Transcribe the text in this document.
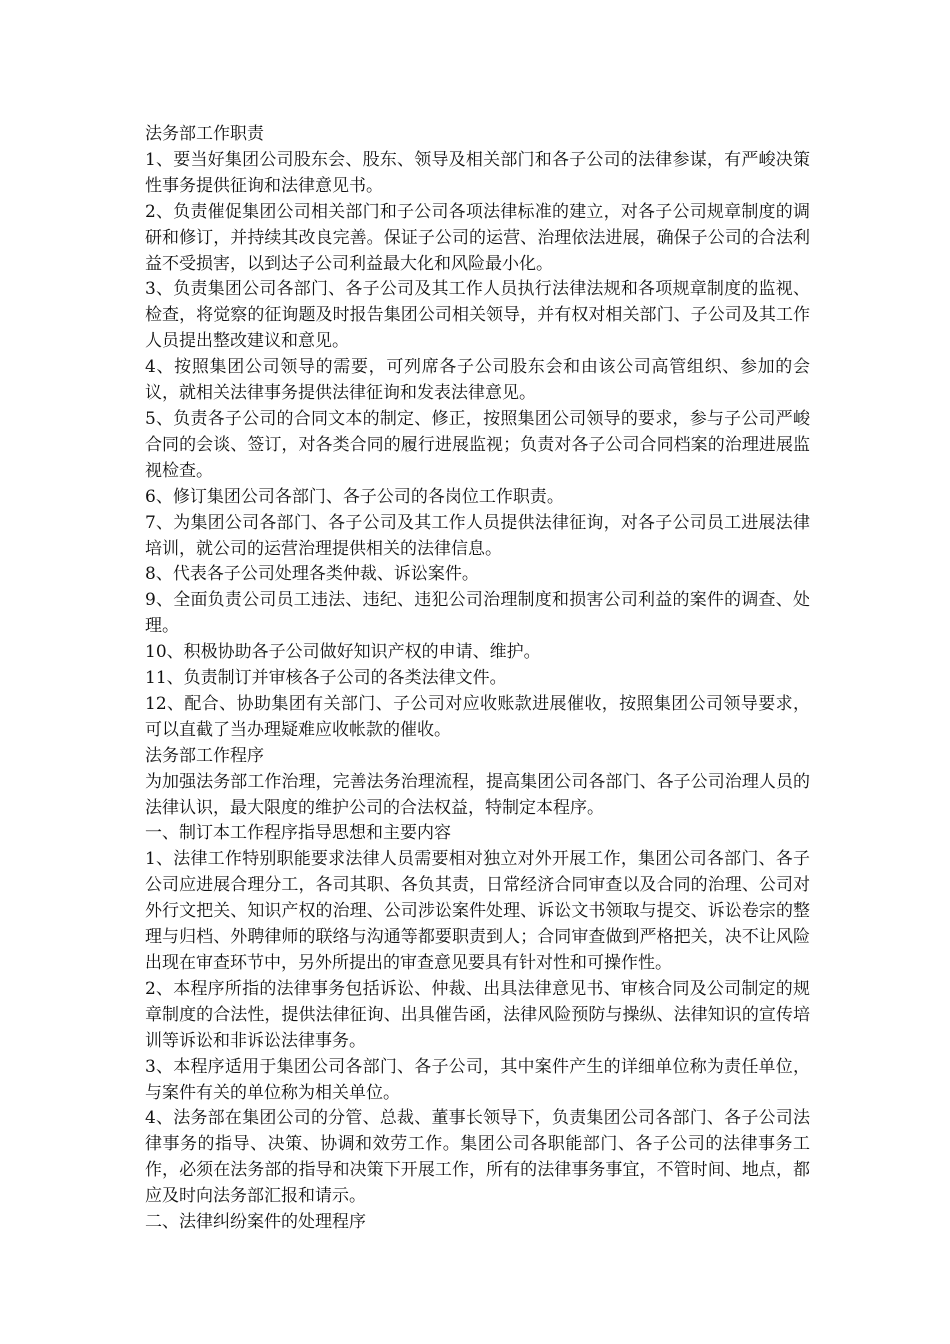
法务部工作职责

1、要当好集团公司股东会、股东、领导及相关部门和各子公司的法律参谋，有严峻决策性事务提供征询和法律意见书。

2、负责催促集团公司相关部门和子公司各项法律标准的建立，对各子公司规章制度的调研和修订，并持续其改良完善。保证子公司的运营、治理依法进展，确保子公司的合法利益不受损害，以到达子公司利益最大化和风险最小化。

3、负责集团公司各部门、各子公司及其工作人员执行法律法规和各项规章制度的监视、检查，将觉察的征询题及时报告集团公司相关领导，并有权对相关部门、子公司及其工作人员提出整改建议和意见。

4、按照集团公司领导的需要，可列席各子公司股东会和由该公司高管组织、参加的会议，就相关法律事务提供法律征询和发表法律意见。

5、负责各子公司的合同文本的制定、修正，按照集团公司领导的要求，参与子公司严峻合同的会谈、签订，对各类合同的履行进展监视；负责对各子公司合同档案的治理进展监视检查。

6、修订集团公司各部门、各子公司的各岗位工作职责。

7、为集团公司各部门、各子公司及其工作人员提供法律征询，对各子公司员工进展法律培训，就公司的运营治理提供相关的法律信息。

8、代表各子公司处理各类仲裁、诉讼案件。

9、全面负责公司员工违法、违纪、违犯公司治理制度和损害公司利益的案件的调查、处理。

10、积极协助各子公司做好知识产权的申请、维护。

11、负责制订并审核各子公司的各类法律文件。

12、配合、协助集团有关部门、子公司对应收账款进展催收，按照集团公司领导要求，可以直截了当办理疑难应收帐款的催收。

法务部工作程序

为加强法务部工作治理，完善法务治理流程，提高集团公司各部门、各子公司治理人员的法律认识，最大限度的维护公司的合法权益，特制定本程序。

一、制订本工作程序指导思想和主要内容

1、法律工作特别职能要求法律人员需要相对独立对外开展工作，集团公司各部门、各子公司应进展合理分工，各司其职、各负其责，日常经济合同审查以及合同的治理、公司对外行文把关、知识产权的治理、公司涉讼案件处理、诉讼文书领取与提交、诉讼卷宗的整理与归档、外聘律师的联络与沟通等都要职责到人；合同审查做到严格把关，决不让风险出现在审查环节中，另外所提出的审查意见要具有针对性和可操作性。

2、本程序所指的法律事务包括诉讼、仲裁、出具法律意见书、审核合同及公司制定的规章制度的合法性，提供法律征询、出具催告函，法律风险预防与操纵、法律知识的宣传培训等诉讼和非诉讼法律事务。

3、本程序适用于集团公司各部门、各子公司，其中案件产生的详细单位称为责任单位，与案件有关的单位称为相关单位。

4、法务部在集团公司的分管、总裁、董事长领导下，负责集团公司各部门、各子公司法律事务的指导、决策、协调和效劳工作。集团公司各职能部门、各子公司的法律事务工作，必须在法务部的指导和决策下开展工作，所有的法律事务事宜，不管时间、地点，都应及时向法务部汇报和请示。

二、法律纠纷案件的处理程序
